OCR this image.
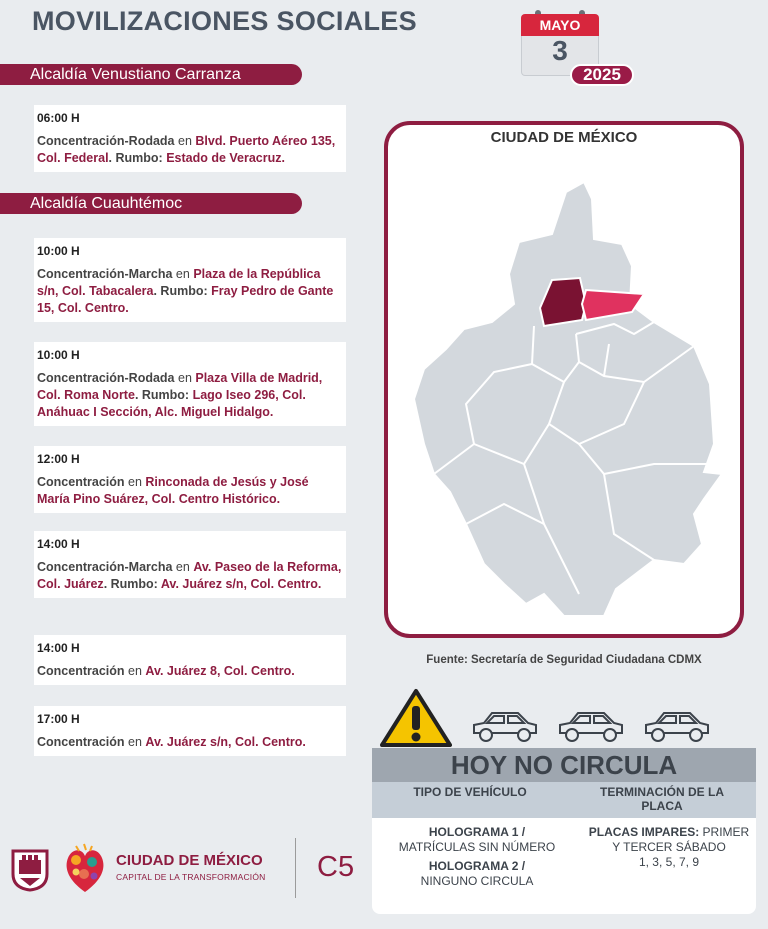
MOVILIZACIONES SOCIALES	MAYO
3
2025
Alcaldía Venustiano Carranza
06:00 H
Concentración-Rodada en Blvd. Puerto Aéreo 135, Col. Federal. Rumbo: Estado de Veracruz.
Alcaldía Cuauhtémoc
10:00 H
Concentración-Marcha en Plaza de la República s/n, Col. Tabacalera. Rumbo: Fray Pedro de Gante 15, Col. Centro.
10:00 H
Concentración-Rodada en Plaza Villa de Madrid, Col. Roma Norte. Rumbo: Lago Iseo 296, Col. Anáhuac I Sección, Alc. Miguel Hidalgo.
12:00 H
Concentración en Rinconada de Jesús y José María Pino Suárez, Col. Centro Histórico.
14:00 H
Concentración-Marcha en Av. Paseo de la Reforma, Col. Juárez. Rumbo: Av. Juárez s/n, Col. Centro.
14:00 H
Concentración en Av. Juárez 8, Col. Centro.
17:00 H
Concentración en Av. Juárez s/n, Col. Centro.
CIUDAD DE MÉXICO
Fuente: Secretaría de Seguridad Ciudadana CDMX
HOY NO CIRCULA
TIPO DE VEHÍCULO	TERMINACIÓN DE LA PLACA
HOLOGRAMA 1 /
MATRÍCULAS SIN NÚMERO
HOLOGRAMA 2 /
NINGUNO CIRCULA
PLACAS IMPARES: PRIMER Y TERCER SÁBADO
1, 3, 5, 7, 9
CIUDAD DE MÉXICO
CAPITAL DE LA TRANSFORMACIÓN C5
